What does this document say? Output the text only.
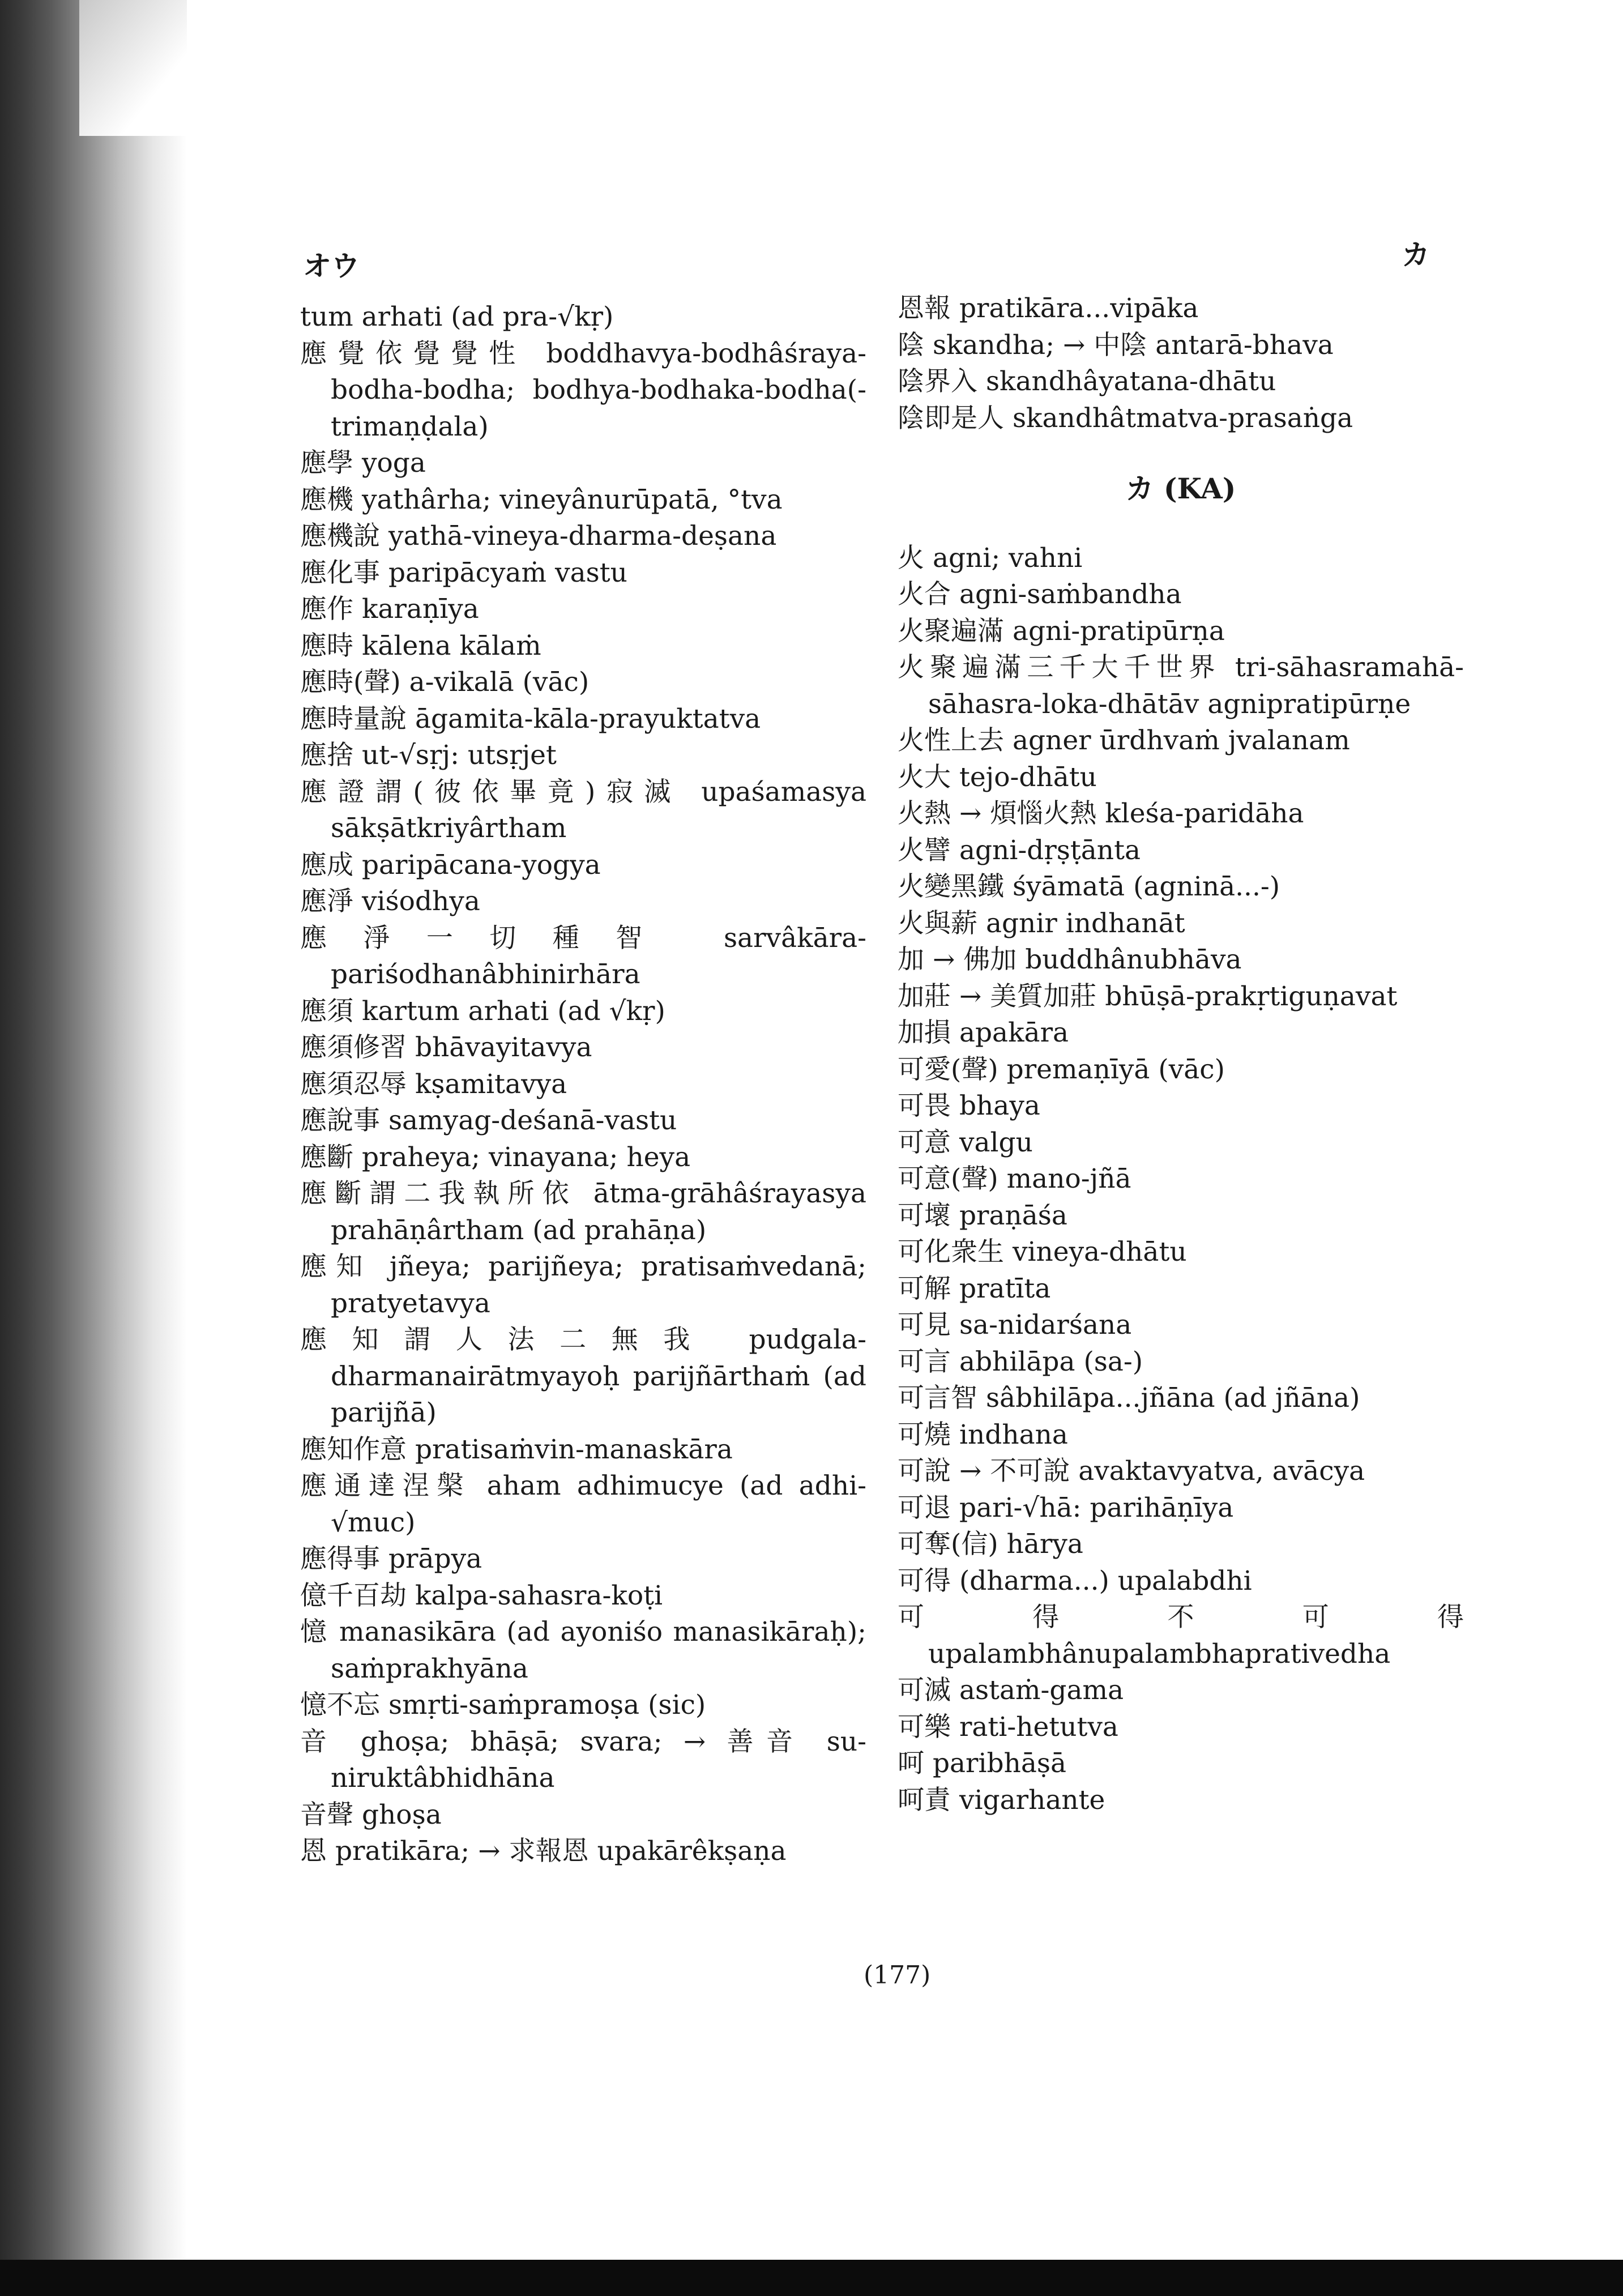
オウ	カ
tum arhati (ad pra-√kṛ)
應覺依覺覺性 boddhavya-bodhâśraya-bodha-bodha; bodhya-bodhaka-bodha(-trimaṇḍala)
應學 yoga
應機 yathârha; vineyânurūpatā, °tva
應機說 yathā-vineya-dharma-deṣana
應化事 paripācyaṁ vastu
應作 karaṇīya
應時 kālena kālaṁ
應時(聲) a-vikalā (vāc)
應時量說 āgamita-kāla-prayuktatva
應捨 ut-√sṛj: utsṛjet
應證謂(彼依畢竟)寂滅 upaśamasya sākṣātkriyârtham
應成 paripācana-yogya
應淨 viśodhya
應淨一切種智 sarvâkāra-pariśodhanâbhinirhāra
應須 kartum arhati (ad √kṛ)
應須修習 bhāvayitavya
應須忍辱 kṣamitavya
應說事 samyag-deśanā-vastu
應斷 praheya; vinayana; heya
應斷謂二我執所依 ātma-grāhâśrayasya prahāṇârtham (ad prahāṇa)
應知 jñeya; parijñeya; pratisaṁvedanā; pratyetavya
應知謂人法二無我 pudgala-dharmanairātmyayoḥ parijñārthaṁ (ad parijñā)
應知作意 pratisaṁvin-manaskāra
應通達涅槃 aham adhimucye (ad adhi-√muc)
應得事 prāpya
億千百劫 kalpa-sahasra-koṭi
憶 manasikāra (ad ayoniśo manasikāraḥ); saṁprakhyāna
憶不忘 smṛti-saṁpramoṣa (sic)
音 ghoṣa; bhāṣā; svara; → 善音 su-niruktâbhidhāna
音聲 ghoṣa
恩 pratikāra; → 求報恩 upakārêkṣaṇa
恩報 pratikāra...vipāka
陰 skandha; → 中陰 antarā-bhava
陰界入 skandhâyatana-dhātu
陰即是人 skandhâtmatva-prasaṅga
カ (KA)
火 agni; vahni
火合 agni-saṁbandha
火聚遍滿 agni-pratipūrṇa
火聚遍滿三千大千世界 tri-sāhasramahā-sāhasra-loka-dhātāv agnipratipūrṇe
火性上去 agner ūrdhvaṁ jvalanam
火大 tejo-dhātu
火熱 → 煩惱火熱 kleśa-paridāha
火譬 agni-dṛṣṭānta
火變黑鐵 śyāmatā (agninā...-)
火與薪 agnir indhanāt
加 → 佛加 buddhânubhāva
加莊 → 美質加莊 bhūṣā-prakṛtiguṇavat
加損 apakāra
可愛(聲) premaṇīyā (vāc)
可畏 bhaya
可意 valgu
可意(聲) mano-jñā
可壞 praṇāśa
可化衆生 vineya-dhātu
可解 pratīta
可見 sa-nidarśana
可言 abhilāpa (sa-)
可言智 sâbhilāpa...jñāna (ad jñāna)
可燒 indhana
可說 → 不可說 avaktavyatva, avācya
可退 pari-√hā: parihāṇīya
可奪(信) hārya
可得 (dharma...) upalabdhi
可得不可得 upalambhânupalambhaprativedha
可滅 astaṁ-gama
可樂 rati-hetutva
呵 paribhāṣā
呵責 vigarhante
(177)
